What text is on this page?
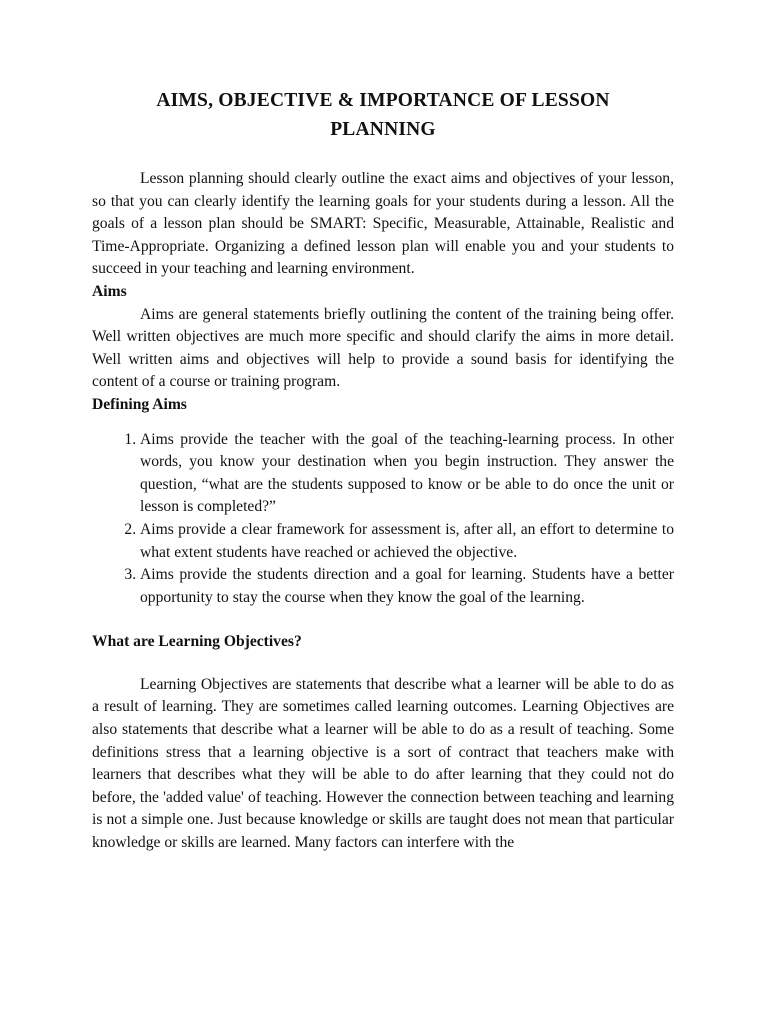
AIMS, OBJECTIVE & IMPORTANCE OF LESSON
PLANNING

Lesson planning should clearly outline the exact aims and objectives of your lesson, so that you can clearly identify the learning goals for your students during a lesson. All the goals of a lesson plan should be SMART: Specific, Measurable, Attainable, Realistic and Time-Appropriate. Organizing a defined lesson plan will enable you and your students to succeed in your teaching and learning environment.

Aims

Aims are general statements briefly outlining the content of the training being offer. Well written objectives are much more specific and should clarify the aims in more detail. Well written aims and objectives will help to provide a sound basis for identifying the content of a course or training program.

Defining Aims
1. Aims provide the teacher with the goal of the teaching-learning process. In other words, you know your destination when you begin instruction. They answer the question, “what are the students supposed to know or be able to do once the unit or lesson is completed?”
2. Aims provide a clear framework for assessment is, after all, an effort to determine to what extent students have reached or achieved the objective.
3. Aims provide the students direction and a goal for learning. Students have a better opportunity to stay the course when they know the goal of the learning.
What are Learning Objectives?

Learning Objectives are statements that describe what a learner will be able to do as a result of learning. They are sometimes called learning outcomes. Learning Objectives are also statements that describe what a learner will be able to do as a result of teaching. Some definitions stress that a learning objective is a sort of contract that teachers make with learners that describes what they will be able to do after learning that they could not do before, the 'added value' of teaching. However the connection between teaching and learning is not a simple one. Just because knowledge or skills are taught does not mean that particular knowledge or skills are learned. Many factors can interfere with the
